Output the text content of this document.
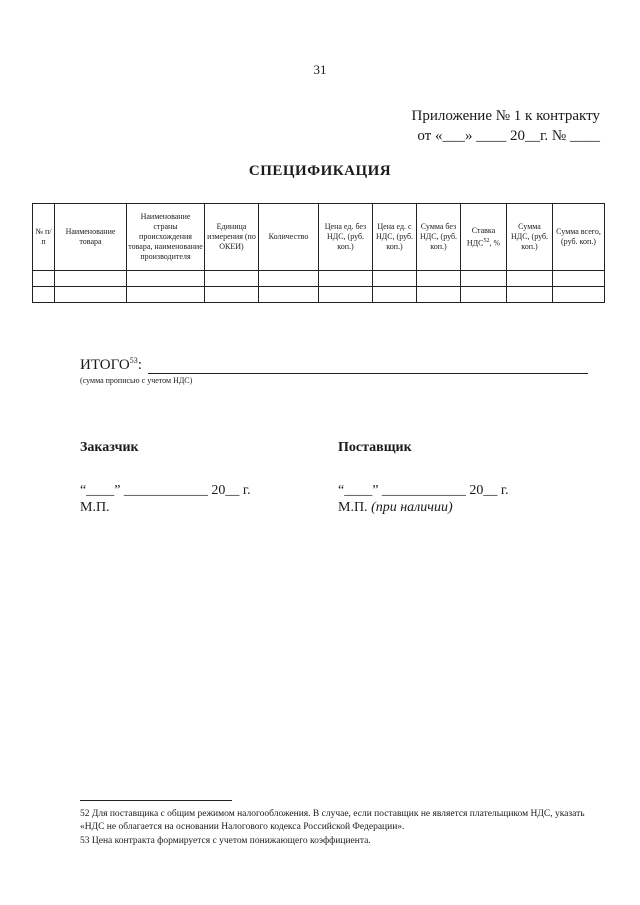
31
Приложение № 1 к контракту
от «___» ____ 20__г. № ____
СПЕЦИФИКАЦИЯ
№ п/п	Наименование товара	Наименование страны происхождения товара, наименование производителя	Единица измерения (по ОКЕИ)	Количество	Цена ед. без НДС, (руб. коп.)	Цена ед. с НДС, (руб. коп.)	Сумма без НДС, (руб. коп.)	Ставка НДС$^{52}$, %	Сумма НДС, (руб. коп.)	Сумма всего, (руб. коп.)

ИТОГО$^{53}$:
(сумма прописью с учетом НДС)
Заказчик
“____” ____________ 20__ г.
М.П.
Поставщик
“____” ____________ 20__ г.
М.П. (при наличии)
52 Для поставщика с общим режимом налогообложения. В случае, если поставщик не является плательщиком НДС, указать «НДС не облагается на основании Налогового кодекса Российской Федерации».
53 Цена контракта формируется с учетом понижающего коэффициента.
